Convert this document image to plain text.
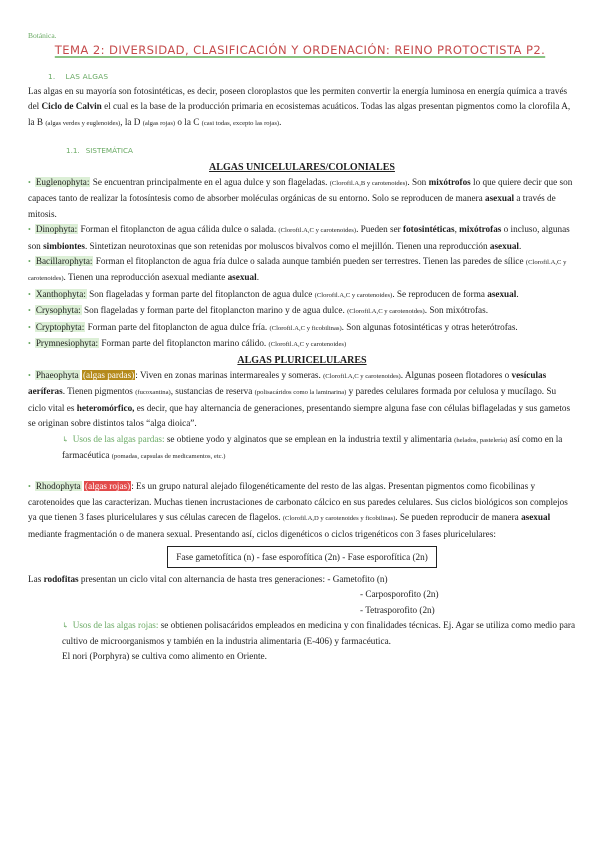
Botánica.
TEMA 2: DIVERSIDAD, CLASIFICACIÓN Y ORDENACIÓN: REINO PROTOCTISTA P2.
1. LAS ALGAS

Las algas en su mayoría son fotosintéticas, es decir, poseen cloroplastos que les permiten convertir la energía luminosa en energía química a través del Ciclo de Calvin el cual es la base de la producción primaria en ecosistemas acuáticos. Todas las algas presentan pigmentos como la clorofila A, la B (algas verdes y euglenoides), la D (algas rojas) o la C (casi todas, excepto las rojas).

1.1. SISTEMÁTICA
ALGAS UNICELULARES/COLONIALES

• Euglenophyta: Se encuentran principalmente en el agua dulce y son flageladas. (Clorofil.A,B y carotenoides). Son mixótrofos lo que quiere decir que son capaces tanto de realizar la fotosíntesis como de absorber moléculas orgánicas de su entorno. Solo se reproducen de manera asexual a través de mitosis.

• Dinophyta: Forman el fitoplancton de agua cálida dulce o salada. (Clorofil.A,C y carotenoides). Pueden ser fotosintéticas, mixótrofas o incluso, algunas son simbiontes. Sintetizan neurotoxinas que son retenidas por moluscos bivalvos como el mejillón. Tienen una reproducción asexual.

• Bacillarophyta: Forman el fitoplancton de agua fría dulce o salada aunque también pueden ser terrestres. Tienen las paredes de sílice (Clorofil.A,C y carotenoides). Tienen una reproducción asexual mediante asexual.

• Xanthophyta: Son flageladas y forman parte del fitoplancton de agua dulce (Clorofil.A,C y carotenoides). Se reproducen de forma asexual.

• Crysophyta: Son flageladas y forman parte del fitoplancton marino y de agua dulce. (Clorofil.A,C y carotenoides). Son mixótrofas.

• Cryptophyta: Forman parte del fitoplancton de agua dulce fría. (Clorofil.A,C y ficobilinas). Son algunas fotosintéticas y otras heterótrofas.

• Prymnesiophyta: Forman parte del fitoplancton marino cálido. (Clorofil.A,C y carotenoides)

ALGAS PLURICELULARES

• Phaeophyta (algas pardas): Viven en zonas marinas intermareales y someras. (Clorofil.A,C y carotenoides). Algunas poseen flotadores o vesículas aeríferas. Tienen pigmentos (fucoxantina), sustancias de reserva (polisacáridos como la laminarina) y paredes celulares formada por celulosa y mucílago. Su ciclo vital es heteromórfico, es decir, que hay alternancia de generaciones, presentando siempre alguna fase con células biflageladas y sus gametos se originan sobre distintos talos “alga dioica”.

↳ Usos de las algas pardas: se obtiene yodo y alginatos que se emplean en la industria textil y alimentaria (helados, pastelería) así como en la farmacéutica (pomadas, capsulas de medicamentos, etc.)

• Rhodophyta (algas rojas): Es un grupo natural alejado filogenéticamente del resto de las algas. Presentan pigmentos como ficobilinas y carotenoides que las caracterizan. Muchas tienen incrustaciones de carbonato cálcico en sus paredes celulares. Sus ciclos biológicos son complejos ya que tienen 3 fases pluricelulares y sus células carecen de flagelos. (Clorofil.A,D y carotenoides y ficobilinas). Se pueden reproducir de manera asexual mediante fragmentación o de manera sexual. Presentando así, ciclos digenéticos o ciclos trigenéticos con 3 fases pluricelulares:

Fase gametofítica (n) - fase esporofítica (2n) - Fase esporofítica (2n)
Las rodofitas presentan un ciclo vital con alternancia de hasta tres generaciones: - Gametofito (n)
- Carposporofito (2n)
- Tetrasporofito (2n)

↳ Usos de las algas rojas: se obtienen polisacáridos empleados en medicina y con finalidades técnicas. Ej. Agar se utiliza como medio para cultivo de microorganismos y también en la industria alimentaria (E-406) y farmacéutica.

El nori (Porphyra) se cultiva como alimento en Oriente.
